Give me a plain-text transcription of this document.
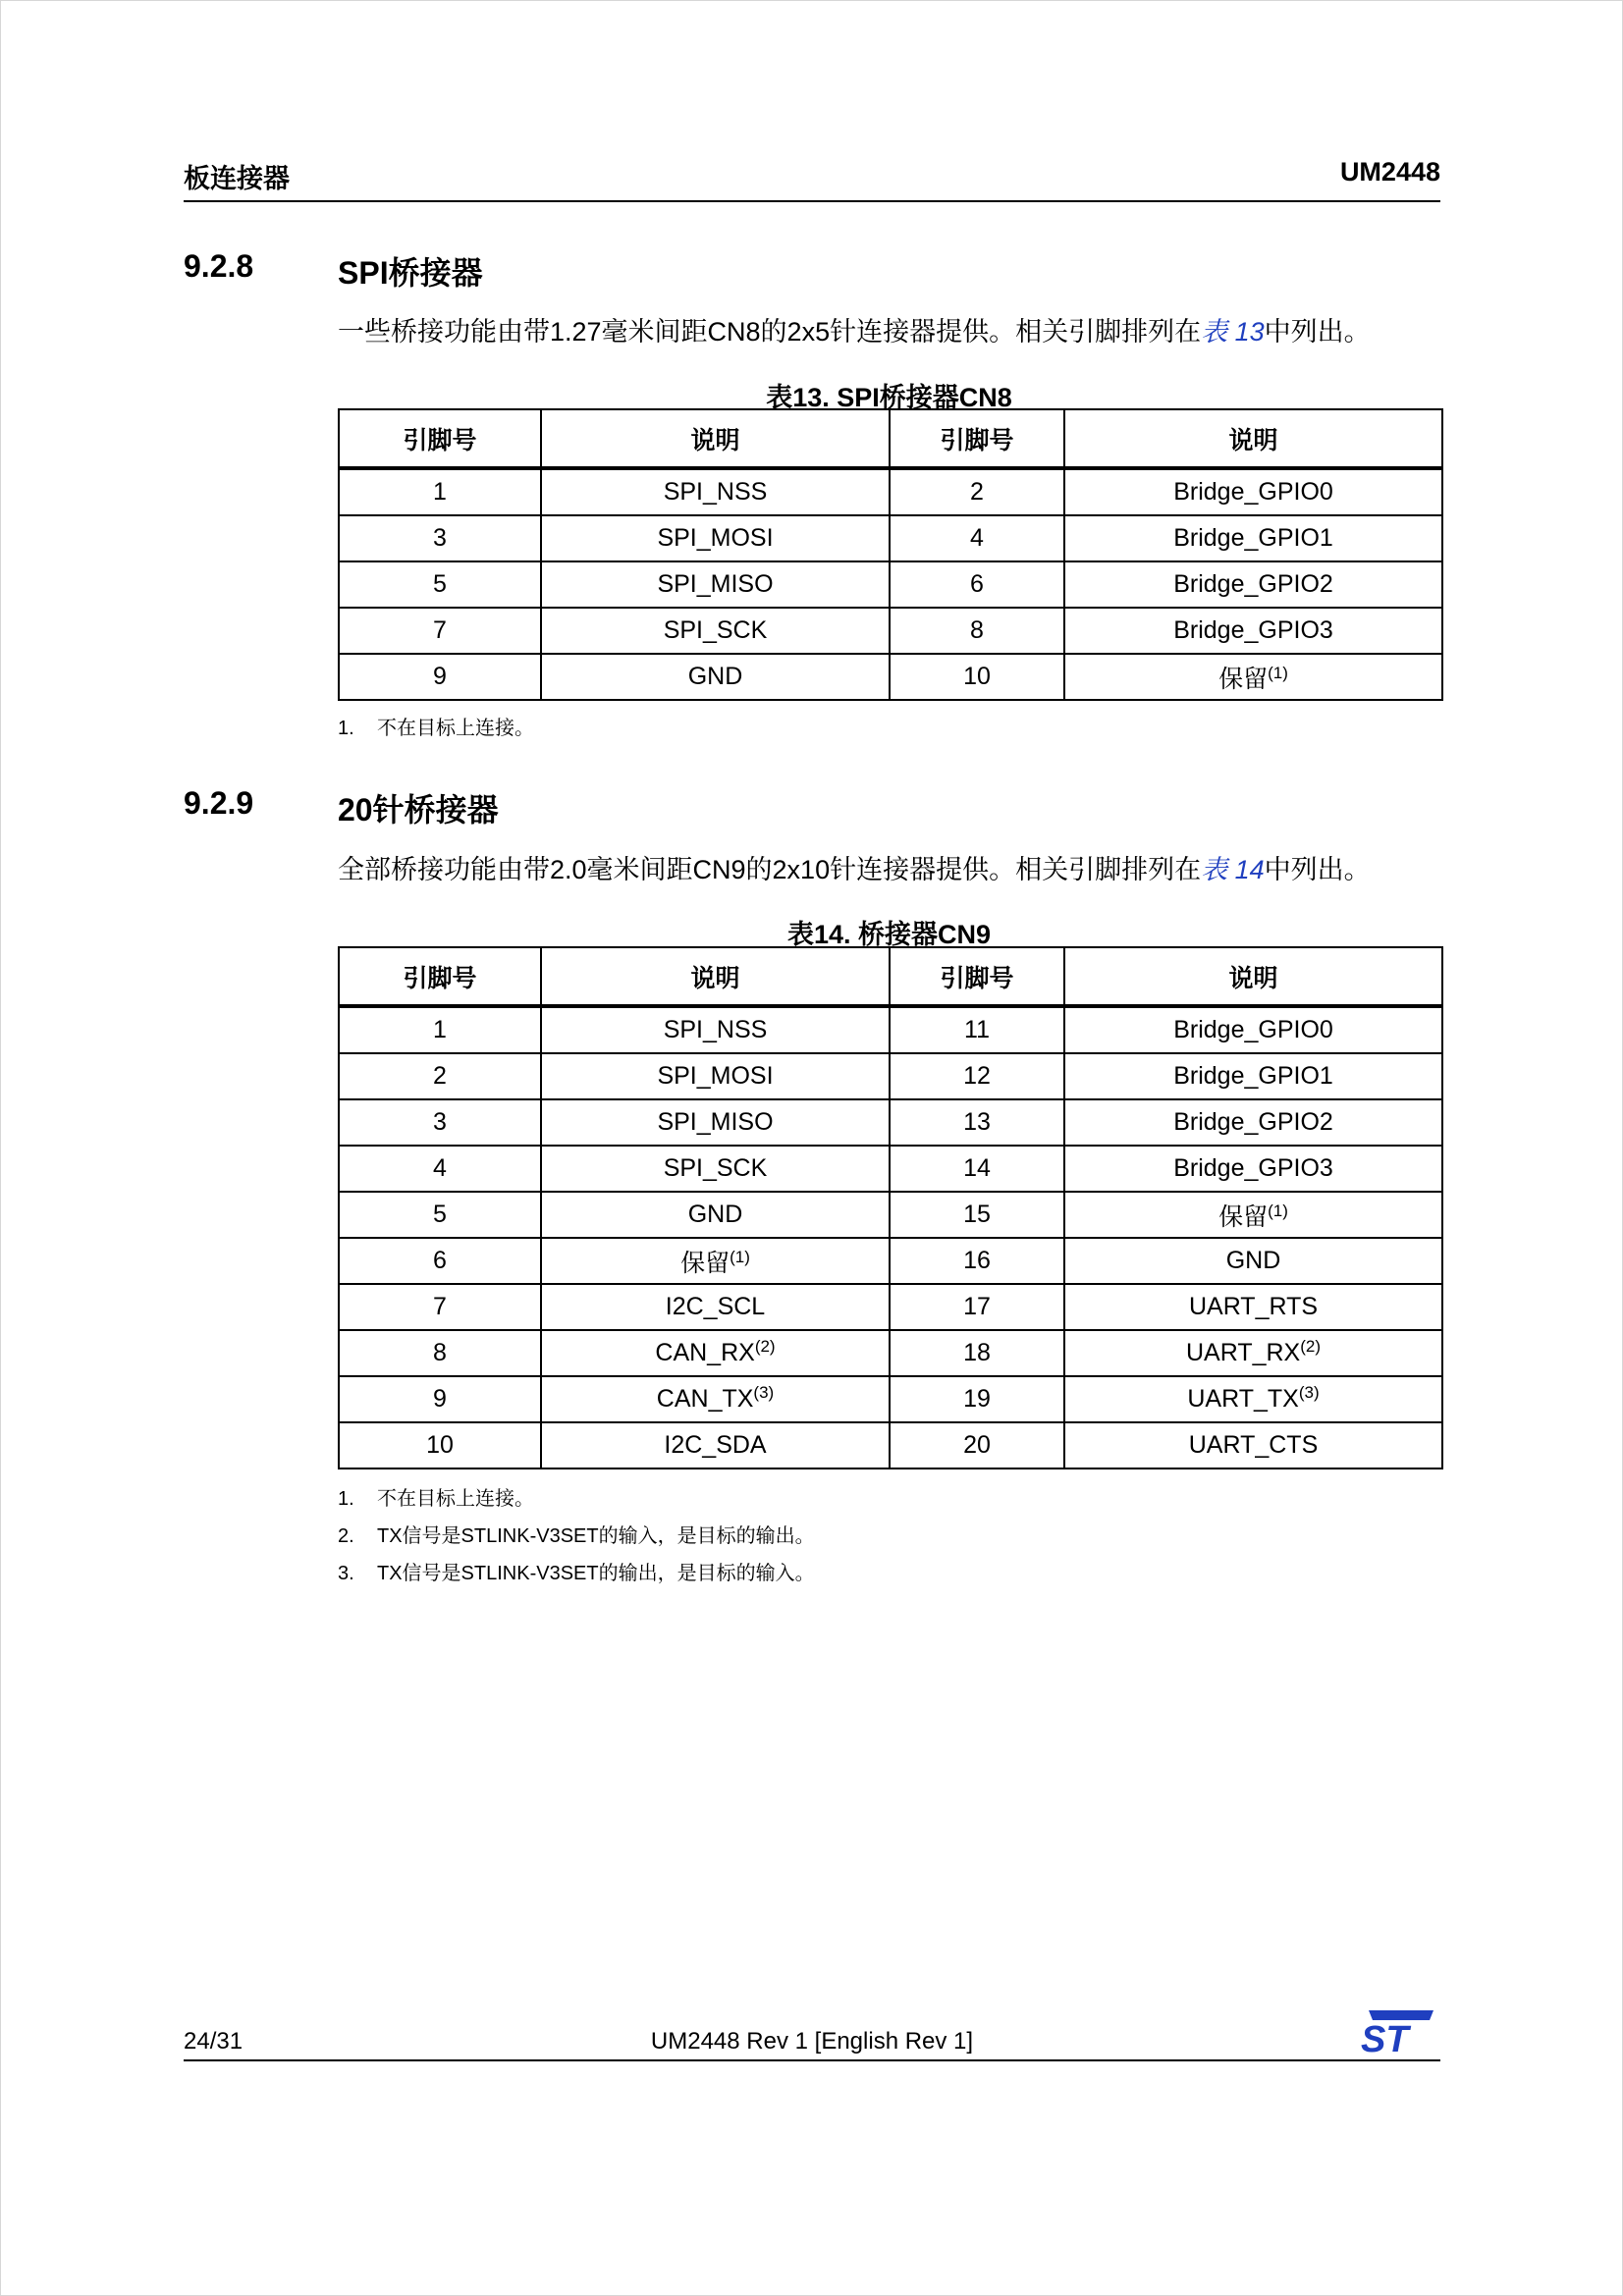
板连接器	UM2448
9.2.8	SPI桥接器
一些桥接功能由带1.27毫米间距CN8的2x5针连接器提供。相关引脚排列在表 13中列出。
表13. SPI桥接器CN8
引脚号	说明	引脚号	说明
1	SPI_NSS	2	Bridge_GPIO0
3	SPI_MOSI	4	Bridge_GPIO1
5	SPI_MISO	6	Bridge_GPIO2
7	SPI_SCK	8	Bridge_GPIO3
9	GND	10	保留$^{(1)}$
1. 不在目标上连接。
9.2.9	20针桥接器
全部桥接功能由带2.0毫米间距CN9的2x10针连接器提供。相关引脚排列在表 14中列出。
表14. 桥接器CN9
引脚号	说明	引脚号	说明
1	SPI_NSS	11	Bridge_GPIO0
2	SPI_MOSI	12	Bridge_GPIO1
3	SPI_MISO	13	Bridge_GPIO2
4	SPI_SCK	14	Bridge_GPIO3
5	GND	15	保留$^{(1)}$
6	保留$^{(1)}$	16	GND
7	I2C_SCL	17	UART_RTS
8	CAN_RX$^{(2)}$	18	UART_RX$^{(2)}$
9	CAN_TX$^{(3)}$	19	UART_TX$^{(3)}$
10	I2C_SDA	20	UART_CTS
1. 不在目标上连接。
2. TX信号是STLINK-V3SET的输入，是目标的输出。
3. TX信号是STLINK-V3SET的输出，是目标的输入。
24/31	UM2448 Rev 1 [English Rev 1]	ST
